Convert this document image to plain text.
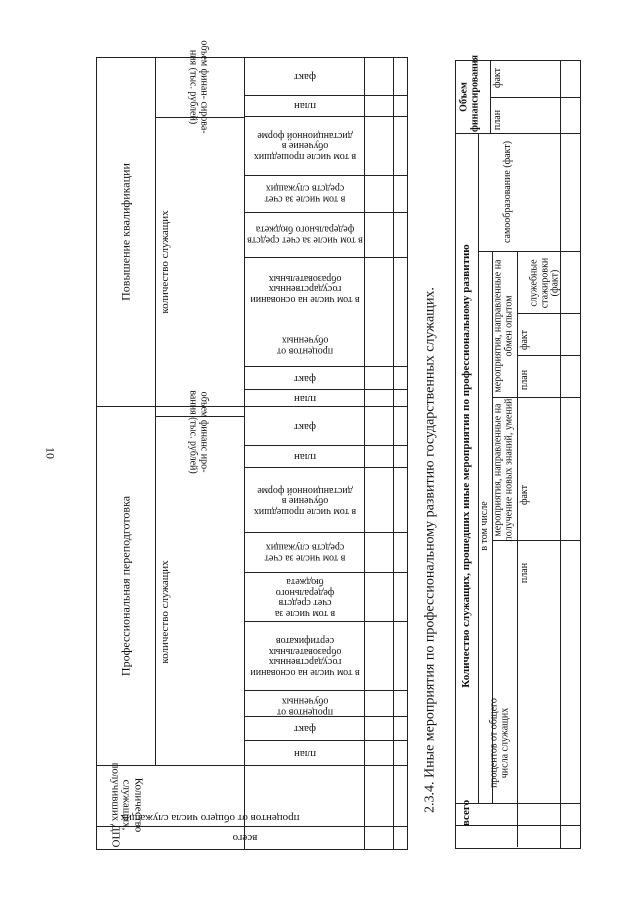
10
Количество служащих, получивших ДПО	всего
процентов от общего числа служащих
Профессиональная переподготовка
Повышение квалификации
количество служащих
количество служащих
объем финанс иро- вания (тыс. рублей)
объем финан- сирова- ния (тыс. рублей)
план
факт
процентов от обученных
в том числе на основании государственных образовательных сертификатов
в том числе за счет средств федерального бюджета
в том числе за счет средств служащих
в том числе прошедших обучение в дистанционной форме
план
факт
план
факт
процентов от обученных
в том числе на основании государственных образовательных
в том числе за счет средств федерального бюджета
в том числе за счет средств служащих
в том числе прошедших обучение в дистанционной форме
план
факт
2.3.4. Иные мероприятия по профессиональному развитию государственных служащих. Количество служащих, прошедших иные мероприятия по профессиональному развитию
Объем финансирования
всего
процентов от общего числа служащих
в том числе мероприятия, направленные на получение новых знаний, умений
мероприятия, направленные на обмен опытом
самообразование (факт)
план
факт
план
факт
служебные стажировки (факт)
план
факт
